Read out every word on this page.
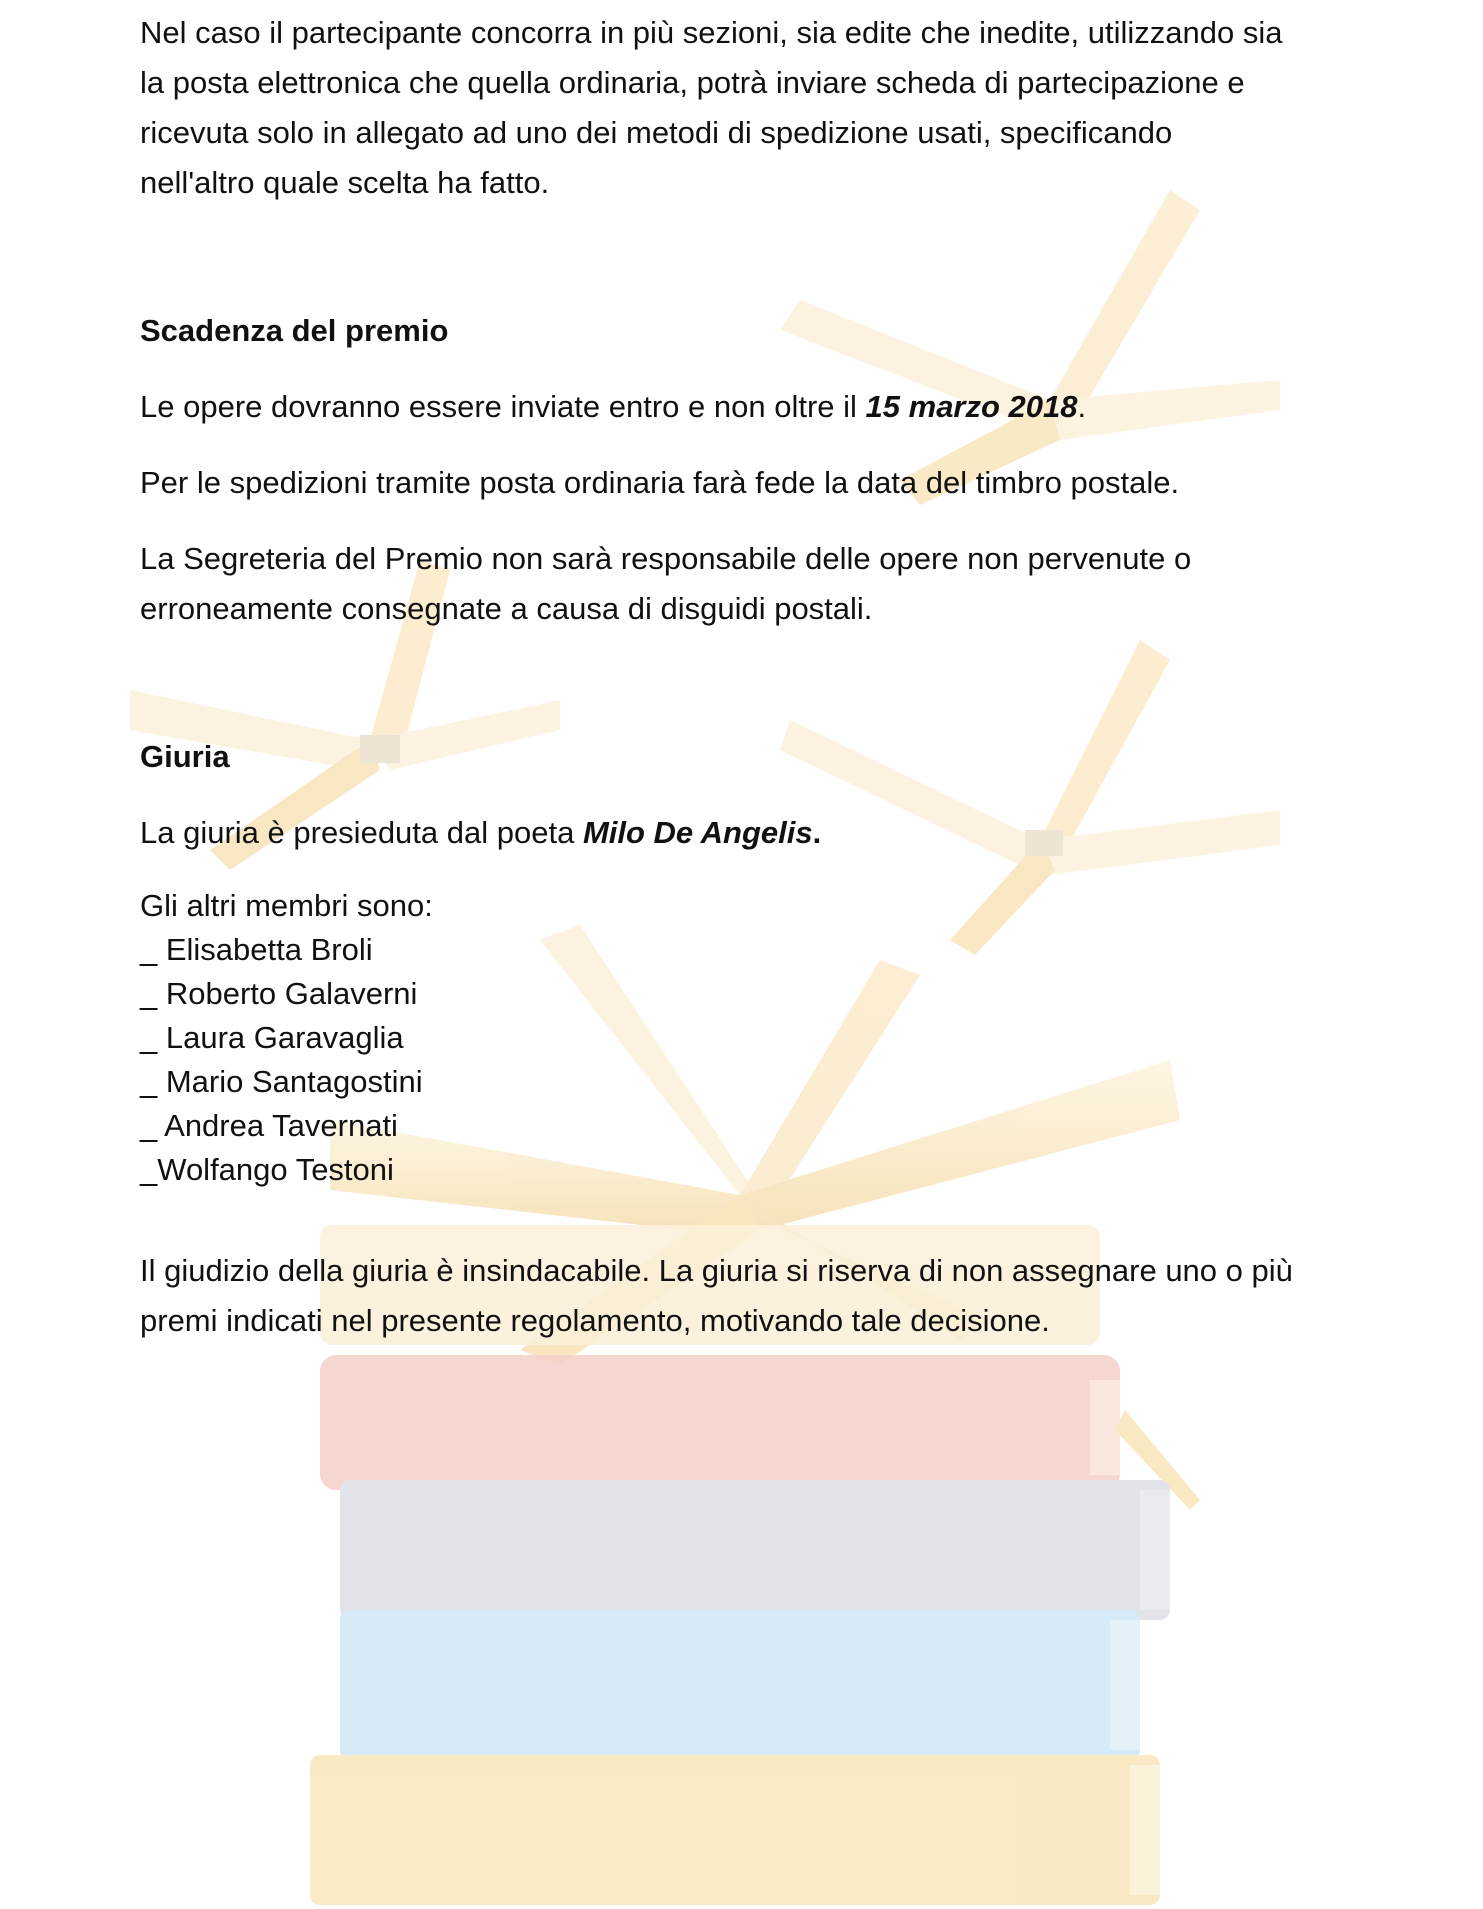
Nel caso il partecipante concorra in più sezioni, sia edite che inedite, utilizzando sia

la posta elettronica che quella ordinaria, potrà inviare scheda di partecipazione e

ricevuta solo in allegato ad uno dei metodi di spedizione usati, specificando

nell'altro quale scelta ha fatto.

Scadenza del premio

Le opere dovranno essere inviate entro e non oltre il 15 marzo 2018.

Per le spedizioni tramite posta ordinaria farà fede la data del timbro postale.

La Segreteria del Premio non sarà responsabile delle opere non pervenute o

erroneamente consegnate a causa di disguidi postali.

Giuria

La giuria è presieduta dal poeta Milo De Angelis.

Gli altri membri sono:

_ Elisabetta Broli

_ Roberto Galaverni

_ Laura Garavaglia

_ Mario Santagostini

_ Andrea Tavernati

_Wolfango Testoni

Il giudizio della giuria è insindacabile. La giuria si riserva di non assegnare uno o più

premi indicati nel presente regolamento, motivando tale decisione.
